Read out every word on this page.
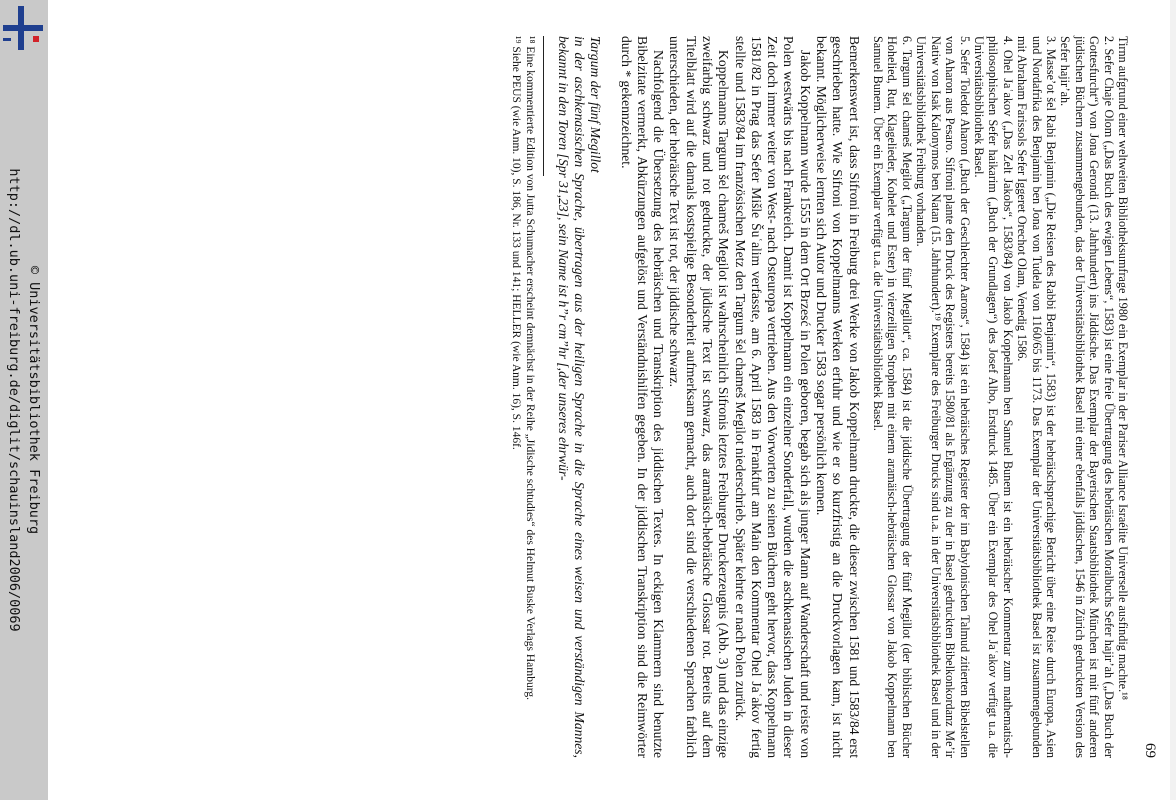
http://dl.ub.uni-freiburg.de/diglit/schauinsland2006/0069 © Universitätsbibliothek Freiburg
69

Tirnn aufgrund einer weltweiten Bibliotheksumfrage 1980 ein Exemplar in der Pariser Alliance Israélite Universelle ausfindig machte.¹⁸

2. Sefer Chaje Olom („Das Buch des ewigen Lebens“, 1583) ist eine freie Übertragung des hebräischen Moralbuchs Sefer hajir’ah („Das Buch der Gottesfurcht“) von Jona Gerondi (13. Jahrhundert) ins Jiddische. Das Exemplar der Bayerischen Staatsbibliothek München ist mit fünf anderen jüdischen Büchern zusammengebunden, das der Universitätsbibliothek Basel mit einer ebenfalls jiddischen, 1546 in Zürich gedruckten Version des Sefer hajir’ah.

3. Masse’ot šel Rabi Benjamin („Die Reisen des Rabbi Benjamin“, 1583) ist der hebräischsprachige Bericht über eine Reise durch Europa, Asien und Nordafrika des Benjamin ben Jona von Tudela von 1160/65 bis 1173. Das Exemplar der Universitätsbibliothek Basel ist zusammengebunden mit Abraham Farissols Sefer Iggeret Orechot Olam, Venedig 1586.

4. Ohel Jaʿakov („Das Zelt Jakobs“, 1583/84) von Jakob Koppelmann ben Samuel Bunem ist ein hebräischer Kommentar zum mathematisch-philosophischen Sefer haikarim („Buch der Grundlagen“) des Josef Albo, Erstdruck 1485. Über ein Exemplar des Ohel Jaʿakov verfügt u.a. die Universitätsbibliothek Basel.

5. Sefer Toledot Aharon („Buch der Geschlechter Aarons“, 1584) ist ein hebräisches Register der im Babylonischen Talmud zitierten Bibelstellen von Aharon aus Pesaro. Sifroni plante den Druck des Registers bereits 1580/81 als Ergänzung zu der in Basel gedruckten Bibelkonkordanz Me’ir Natiw von Isak Kalonymos ben Natan (15. Jahrhundert).¹⁹ Exemplare des Freiburger Drucks sind u.a. in der Universitätsbibliothek Basel und in der Universitätsbibliothek Freiburg vorhanden.

6. Targum šel chameš Megilot („Targum der fünf Megillot“, ca. 1584) ist die jiddische Übertragung der fünf Megillot (der biblischen Bücher Hohelied, Rut, Klagelieder, Kohelet und Ester) in vierzeiligen Strophen mit einem aramäisch-hebräischen Glossar von Jakob Koppelmann ben Samuel Bunem. Über ein Exemplar verfügt u.a. die Universitätsbibliothek Basel.

Bemerkenswert ist, dass Sifroni in Freiburg drei Werke von Jakob Koppelmann druckte, die dieser zwischen 1581 und 1583/84 erst geschrieben hatte. Wie Sifroni von Koppelmanns Werken erfuhr und wie er so kurzfristig an die Druckvorlagen kam, ist nicht bekannt. Möglicherweise lernten sich Autor und Drucker 1583 sogar persönlich kennen.

Jakob Koppelmann wurde 1555 in dem Ort Brzesć in Polen geboren, begab sich als junger Mann auf Wanderschaft und reiste von Polen westwärts bis nach Frankreich. Damit ist Koppelmann ein einzelner Sonderfall, wurden die aschkenasischen Juden in dieser Zeit doch immer weiter von West- nach Osteuropa vertrieben. Aus den Vorworten zu seinen Büchern geht hervor, dass Koppelmann 1581/82 in Prag das Sefer Mišle Šuʿalim verfasste, am 6. April 1583 in Frankfurt am Main den Kommentar Ohel Jaʿakov fertig stellte und 1583/84 im französischen Metz den Targum šel chameš Megilot niederschrieb. Später kehrte er nach Polen zurück.

Koppelmanns Targum šel chameš Megilot ist wahrscheinlich Sifronis letztes Freiburger Druckerzeugnis (Abb. 3) und das einzige zweifarbig schwarz und rot gedruckte, der jüdische Text ist schwarz, das aramäisch-hebräische Glossar rot. Bereits auf dem Titelblatt wird auf die damals kostspielige Besonderheit aufmerksam gemacht, auch dort sind die verschiedenen Sprachen farblich unterschieden, der hebräische Text ist rot, der jiddische schwarz.

Nachfolgend die Übersetzung des hebräischen und Transkription des jiddischen Textes. In eckigen Klammern sind benutzte Bibelzitate vermerkt, Abkürzungen aufgelöst und Verständnishilfen gegeben. In der jiddischen Transkription sind die Reimwörter durch * gekennzeichnet.

Targum der fünf Megillot

in der aschkenasischen Sprache, übertragen aus der heiligen Sprache in die Sprache eines weisen und verständigen Mannes, bekannt in den Toren [Spr 31,23], sein Name ist h”r cm”hr [,der unseres ehrwür-

¹⁸ Eine kommentierte Edition von Jutta Schumacher erscheint demnächst in der Reihe „Jidische schtudies“ des Helmut Buske Verlags Hamburg.

¹⁹ Siehe PEUS (wie Anm. 10), S. 186, Nr. 133 und 141; HELLER (wie Anm. 16), S. 146f.
